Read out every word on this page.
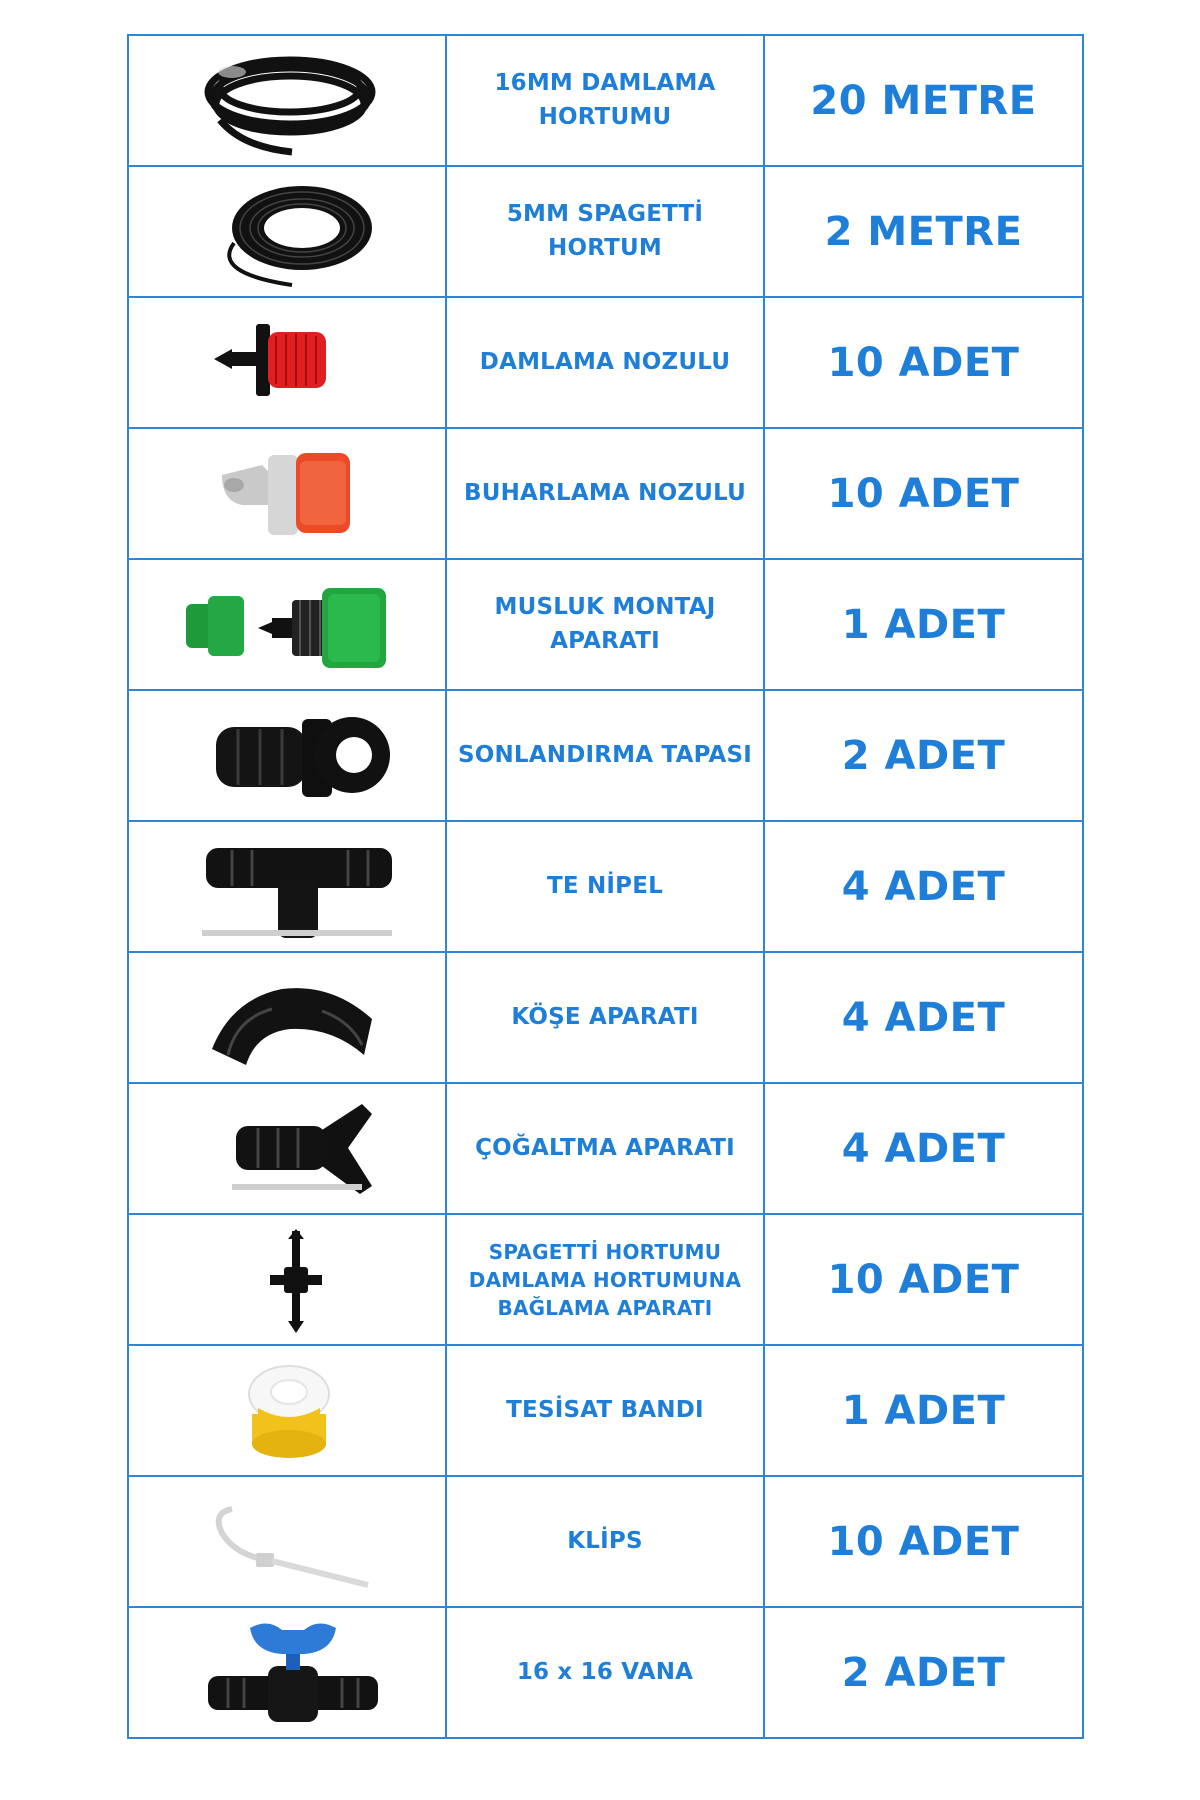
	16MM DAMLAMA HORTUMU	20 METRE

	5MM SPAGETTİ HORTUM	2 METRE

	DAMLAMA NOZULU	10 ADET

	BUHARLAMA NOZULU	10 ADET

	MUSLUK MONTAJ APARATI	1 ADET

	SONLANDIRMA TAPASI	2 ADET

	TE NİPEL	4 ADET

	KÖŞE APARATI	4 ADET

	ÇOĞALTMA APARATI	4 ADET

	SPAGETTİ HORTUMU DAMLAMA HORTUMUNA BAĞLAMA APARATI	10 ADET

	TESİSAT BANDI	1 ADET

	KLİPS	10 ADET

	16 x 16 VANA	2 ADET
